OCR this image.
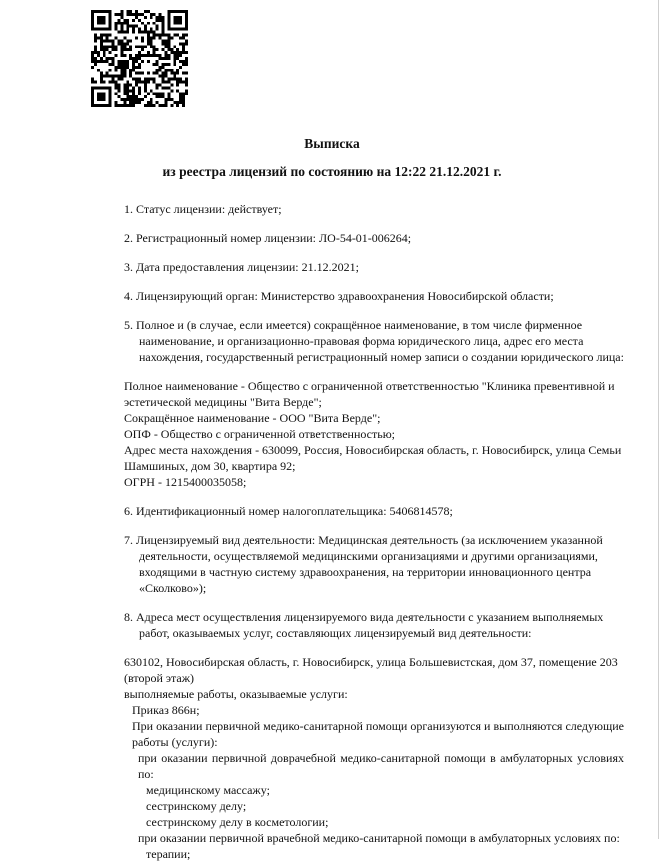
Выписка
из реестра лицензий по состоянию на 12:22 21.12.2021 г.
1. Статус лицензии: действует;
2. Регистрационный номер лицензии: ЛО-54-01-006264;
3. Дата предоставления лицензии: 21.12.2021;
4. Лицензирующий орган: Министерство здравоохранения Новосибирской области;
5. Полное и (в случае, если имеется) сокращённое наименование, в том числе фирменное наименование, и организационно-правовая форма юридического лица, адрес его места нахождения, государственный регистрационный номер записи о создании юридического лица:
Полное наименование - Общество с ограниченной ответственностью "Клиника превентивной и эстетической медицины "Вита Верде";
Сокращённое наименование - ООО "Вита Верде";
ОПФ - Общество с ограниченной ответственностью;
Адрес места нахождения - 630099, Россия, Новосибирская область, г. Новосибирск, улица Семьи Шамшиных, дом 30, квартира 92;
ОГРН - 1215400035058;
6. Идентификационный номер налогоплательщика: 5406814578;
7. Лицензируемый вид деятельности: Медицинская деятельность (за исключением указанной деятельности, осуществляемой медицинскими организациями и другими организациями, входящими в частную систему здравоохранения, на территории инновационного центра «Сколково»);
8. Адреса мест осуществления лицензируемого вида деятельности с указанием выполняемых работ, оказываемых услуг, составляющих лицензируемый вид деятельности:
630102, Новосибирская область, г. Новосибирск, улица Большевистская, дом 37, помещение 203 (второй этаж)
выполняемые работы, оказываемые услуги:
Приказ 866н;
При оказании первичной медико-санитарной помощи организуются и выполняются следующие работы (услуги):
при оказании первичной доврачебной медико-санитарной помощи в амбулаторных условиях по:
медицинскому массажу;
сестринскому делу;
сестринскому делу в косметологии;
при оказании первичной врачебной медико-санитарной помощи в амбулаторных условиях по:
терапии;
